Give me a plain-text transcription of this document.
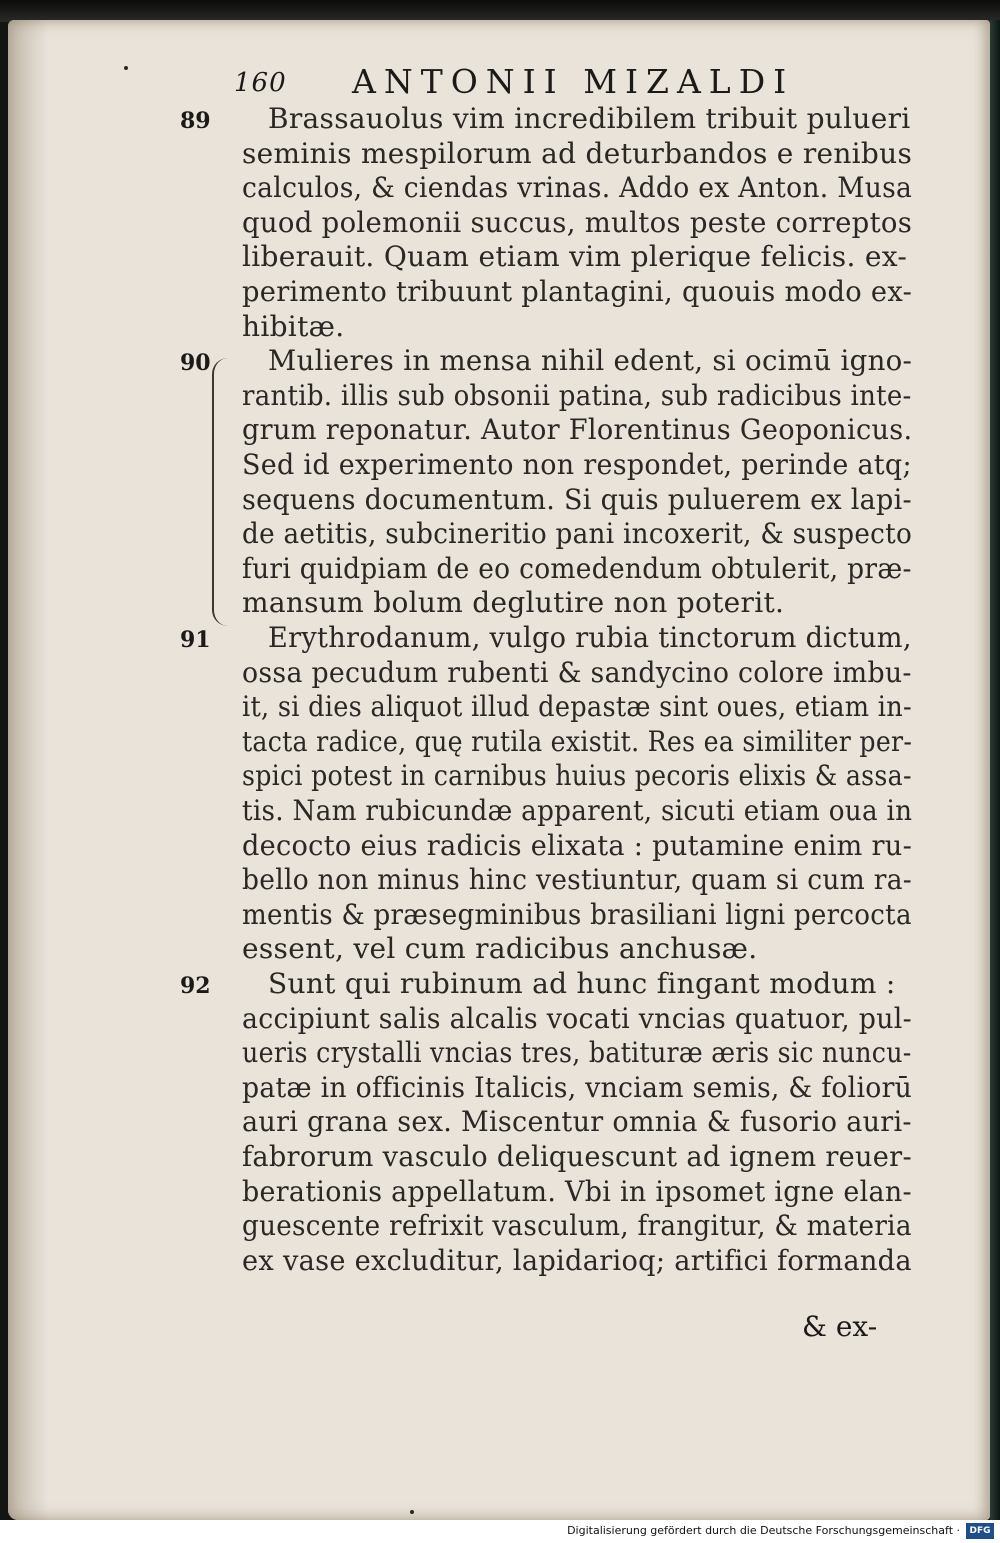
160 ANTONII MIZALDI
89 Brassauolus vim incredibilem tribuit pulueri
seminis mespilorum ad deturbandos e renibus
calculos, & ciendas vrinas. Addo ex Anton. Musa
quod polemonii succus, multos peste correptos
liberauit. Quam etiam vim plerique felicis. ex-
perimento tribuunt plantagini, quouis modo ex-
hibitæ.
90 Mulieres in mensa nihil edent, si ocimū igno-
rantib. illis sub obsonii patina, sub radicibus inte-
grum reponatur. Autor Florentinus Geoponicus.
Sed id experimento non respondet, perinde atq;
sequens documentum. Si quis puluerem ex lapi-
de aetitis, subcineritio pani incoxerit, & suspecto
furi quidpiam de eo comedendum obtulerit, præ-
mansum bolum deglutire non poterit.
91 Erythrodanum, vulgo rubia tinctorum dictum,
ossa pecudum rubenti & sandycino colore imbu-
it, si dies aliquot illud depastæ sint oues, etiam in-
tacta radice, quę rutila existit. Res ea similiter per-
spici potest in carnibus huius pecoris elixis & assa-
tis. Nam rubicundæ apparent, sicuti etiam oua in
decocto eius radicis elixata : putamine enim ru-
bello non minus hinc vestiuntur, quam si cum ra-
mentis & præsegminibus brasiliani ligni percocta
essent, vel cum radicibus anchusæ.
92 Sunt qui rubinum ad hunc fingant modum :
accipiunt salis alcalis vocati vncias quatuor, pul-
ueris crystalli vncias tres, batituræ æris sic nuncu-
patæ in officinis Italicis, vnciam semis, & foliorū
auri grana sex. Miscentur omnia & fusorio auri-
fabrorum vasculo deliquescunt ad ignem reuer-
berationis appellatum. Vbi in ipsomet igne elan-
guescente refrixit vasculum, frangitur, & materia
ex vase excluditur, lapidarioq; artifici formanda
& ex-
Digitalisierung gefördert durch die Deutsche Forschungsgemeinschaft ·	DFG
